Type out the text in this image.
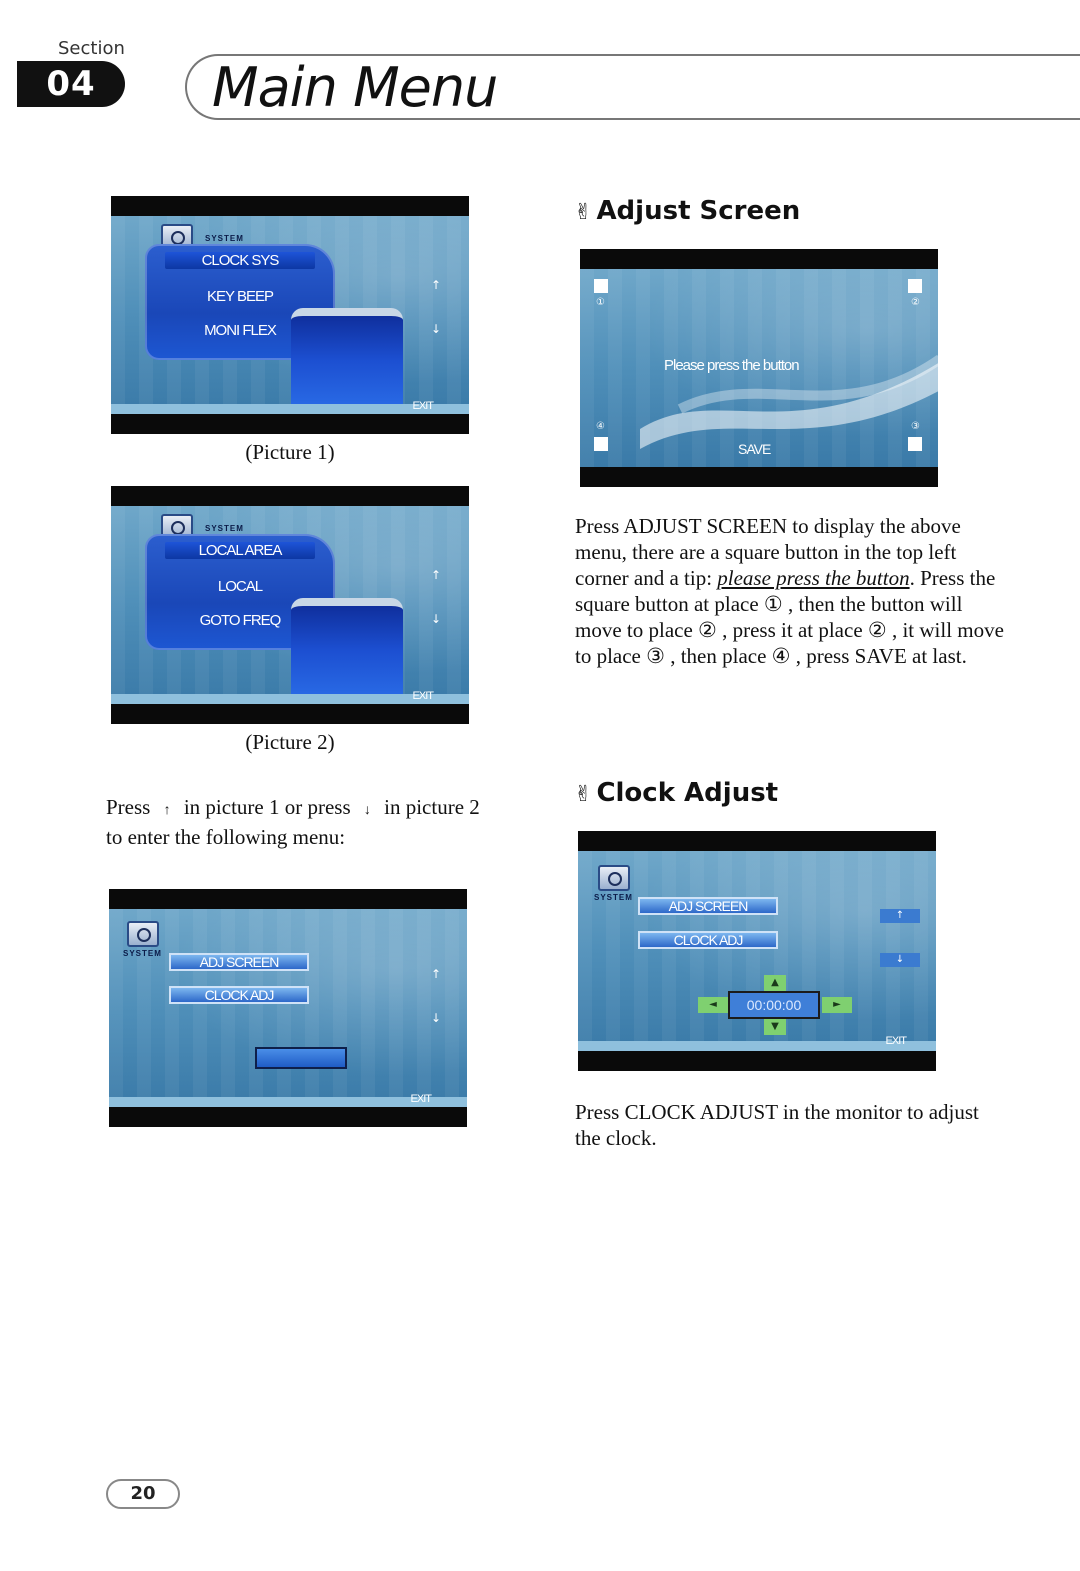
Section
04	Main Menu
SYSTEM
CLOCK SYS
KEY BEEP
MONI FLEX
↑
↓
EXIT
(Picture 1)
SYSTEM
LOCAL AREA
LOCAL
GOTO FREQ
↑
↓
EXIT
(Picture 2)
Press ↑ in picture 1 or press ↓ in picture 2
to enter the following menu:
SYSTEM
ADJ SCREEN
CLOCK ADJ
↑
↓
EXIT
✌ Adjust Screen
①	②
④	③
Please press the button
SAVE
Press ADJUST SCREEN to display the above menu, there are a square button in the top left corner and a tip: please press the button. Press the square button at place ① , then the button will move to place ② , press it at place ② , it will move to place ③ , then place ④ , press SAVE at last.
✌ Clock Adjust
SYSTEM
ADJ SCREEN
CLOCK ADJ
↑
↓
▲
◄	00:00:00	►
▼
EXIT
Press CLOCK ADJUST in the monitor to adjust the clock.
20
